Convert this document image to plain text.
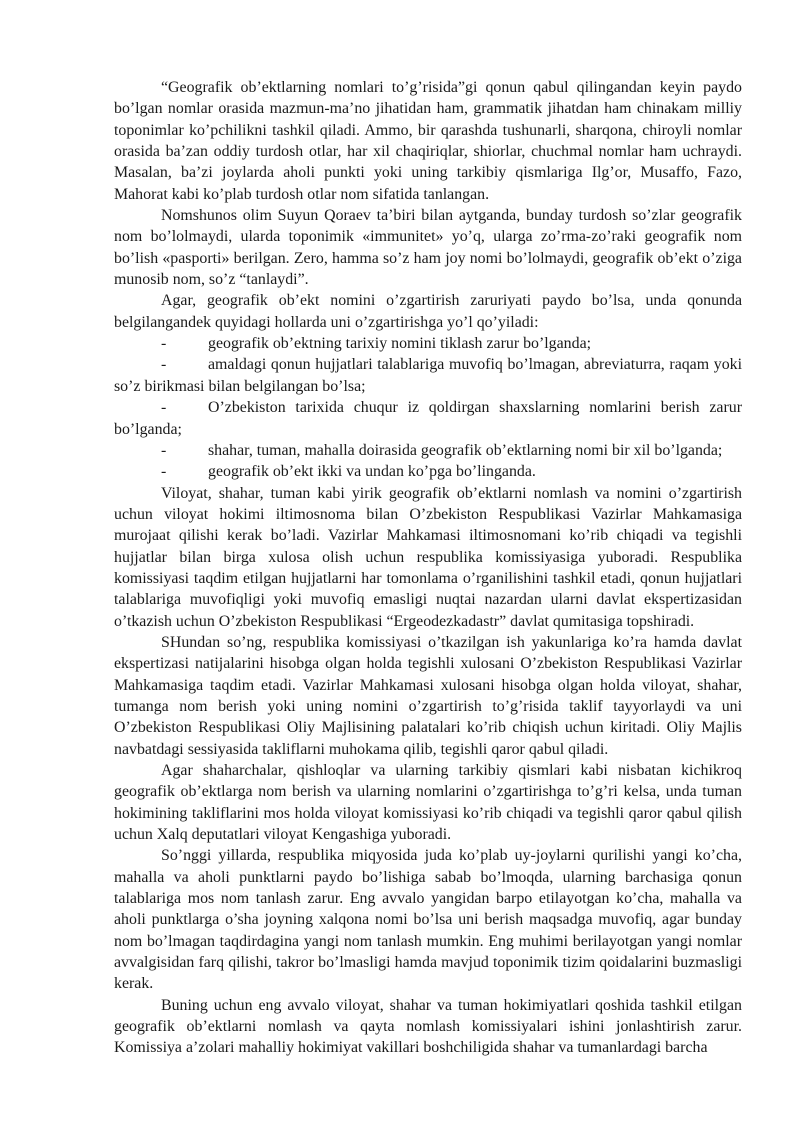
“Geografik ob’ektlarning nomlari to’g’risida”gi qonun qabul qilingandan keyin paydo bo’lgan nomlar orasida mazmun-ma’no jihatidan ham, grammatik jihatdan ham chinakam milliy toponimlar ko’pchilikni tashkil qiladi. Ammo, bir qarashda tushunarli, sharqona, chiroyli nomlar orasida ba’zan oddiy turdosh otlar, har xil chaqiriqlar, shiorlar, chuchmal nomlar ham uchraydi. Masalan, ba’zi joylarda aholi punkti yoki uning tarkibiy qismlariga Ilg’or, Musaffo, Fazo, Mahorat kabi ko’plab turdosh otlar nom sifatida tanlangan.

Nomshunos olim Suyun Qoraev ta’biri bilan aytganda, bunday turdosh so’zlar geografik nom bo’lolmaydi, ularda toponimik «immunitet» yo’q, ularga zo’rma-zo’raki geografik nom bo’lish «pasporti» berilgan. Zero, hamma so’z ham joy nomi bo’lolmaydi, geografik ob’ekt o’ziga munosib nom, so’z “tanlaydi”.

Agar, geografik ob’ekt nomini o’zgartirish zaruriyati paydo bo’lsa, unda qonunda belgilangandek quyidagi hollarda uni o’zgartirishga yo’l qo’yiladi:

-	geografik ob’ektning tarixiy nomini tiklash zarur bo’lganda;

-	amaldagi qonun hujjatlari talablariga muvofiq bo’lmagan, abreviaturra, raqam yoki so’z birikmasi bilan belgilangan bo’lsa;

-	O’zbekiston tarixida chuqur iz qoldirgan shaxslarning nomlarini berish zarur bo’lganda;

-	shahar, tuman, mahalla doirasida geografik ob’ektlarning nomi bir xil bo’lganda;

-	geografik ob’ekt ikki va undan ko’pga bo’linganda.

Viloyat, shahar, tuman kabi yirik geografik ob’ektlarni nomlash va nomini o’zgartirish uchun viloyat hokimi iltimosnoma bilan O’zbekiston Respublikasi Vazirlar Mahkamasiga murojaat qilishi kerak bo’ladi. Vazirlar Mahkamasi iltimosnomani ko’rib chiqadi va tegishli hujjatlar bilan birga xulosa olish uchun respublika komissiyasiga yuboradi. Respublika komissiyasi taqdim etilgan hujjatlarni har tomonlama o’rganilishini tashkil etadi, qonun hujjatlari talablariga muvofiqligi yoki muvofiq emasligi nuqtai nazardan ularni davlat ekspertizasidan o’tkazish uchun O’zbekiston Respublikasi “Ergeodezkadastr” davlat qumitasiga topshiradi.

SHundan so’ng, respublika komissiyasi o’tkazilgan ish yakunlariga ko’ra hamda davlat ekspertizasi natijalarini hisobga olgan holda tegishli xulosani O’zbekiston Respublikasi Vazirlar Mahkamasiga taqdim etadi. Vazirlar Mahkamasi xulosani hisobga olgan holda viloyat, shahar, tumanga nom berish yoki uning nomini o’zgartirish to’g’risida taklif tayyorlaydi va uni O’zbekiston Respublikasi Oliy Majlisining palatalari ko’rib chiqish uchun kiritadi. Oliy Majlis navbatdagi sessiyasida takliflarni muhokama qilib, tegishli qaror qabul qiladi.

Agar shaharchalar, qishloqlar va ularning tarkibiy qismlari kabi nisbatan kichikroq geografik ob’ektlarga nom berish va ularning nomlarini o’zgartirishga to’g’ri kelsa, unda tuman hokimining takliflarini mos holda viloyat komissiyasi ko’rib chiqadi va tegishli qaror qabul qilish uchun Xalq deputatlari viloyat Kengashiga yuboradi.

So’nggi yillarda, respublika miqyosida juda ko’plab uy-joylarni qurilishi yangi ko’cha, mahalla va aholi punktlarni paydo bo’lishiga sabab bo’lmoqda, ularning barchasiga qonun talablariga mos nom tanlash zarur. Eng avvalo yangidan barpo etilayotgan ko’cha, mahalla va aholi punktlarga o’sha joyning xalqona nomi bo’lsa uni berish maqsadga muvofiq, agar bunday nom bo’lmagan taqdirdagina yangi nom tanlash mumkin. Eng muhimi berilayotgan yangi nomlar avvalgisidan farq qilishi, takror bo’lmasligi hamda mavjud toponimik tizim qoidalarini buzmasligi kerak.

Buning uchun eng avvalo viloyat, shahar va tuman hokimiyatlari qoshida tashkil etilgan geografik ob’ektlarni nomlash va qayta nomlash komissiyalari ishini jonlashtirish zarur. Komissiya a’zolari mahalliy hokimiyat vakillari boshchiligida shahar va tumanlardagi barcha
